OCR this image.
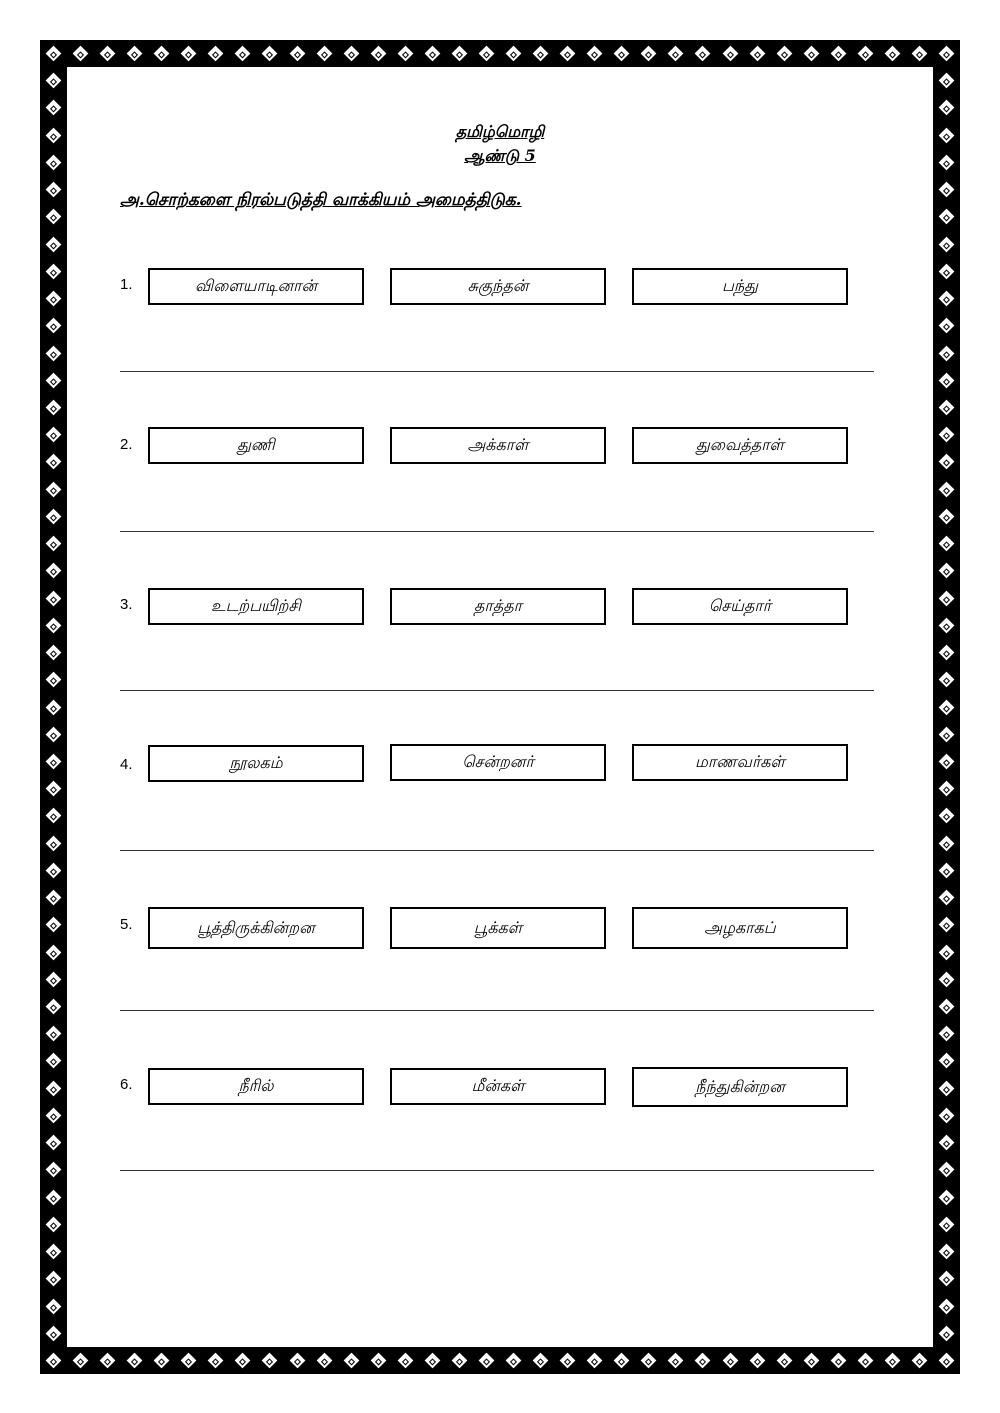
தமிழ்மொழி
ஆண்டு 5
அ.சொற்களை நிரல்படுத்தி வாக்கியம் அமைத்திடுக.
1.	விளையாடினான்	சுகுந்தன்	பந்து
2.	துணி	அக்காள்	துவைத்தாள்
3.	உடற்பயிற்சி	தாத்தா	செய்தார்
4.	நூலகம்	சென்றனர்	மாணவர்கள்
5.	பூத்திருக்கின்றன	பூக்கள்	அழகாகப்
6.	நீரில்	மீன்கள்	நீந்துகின்றன
